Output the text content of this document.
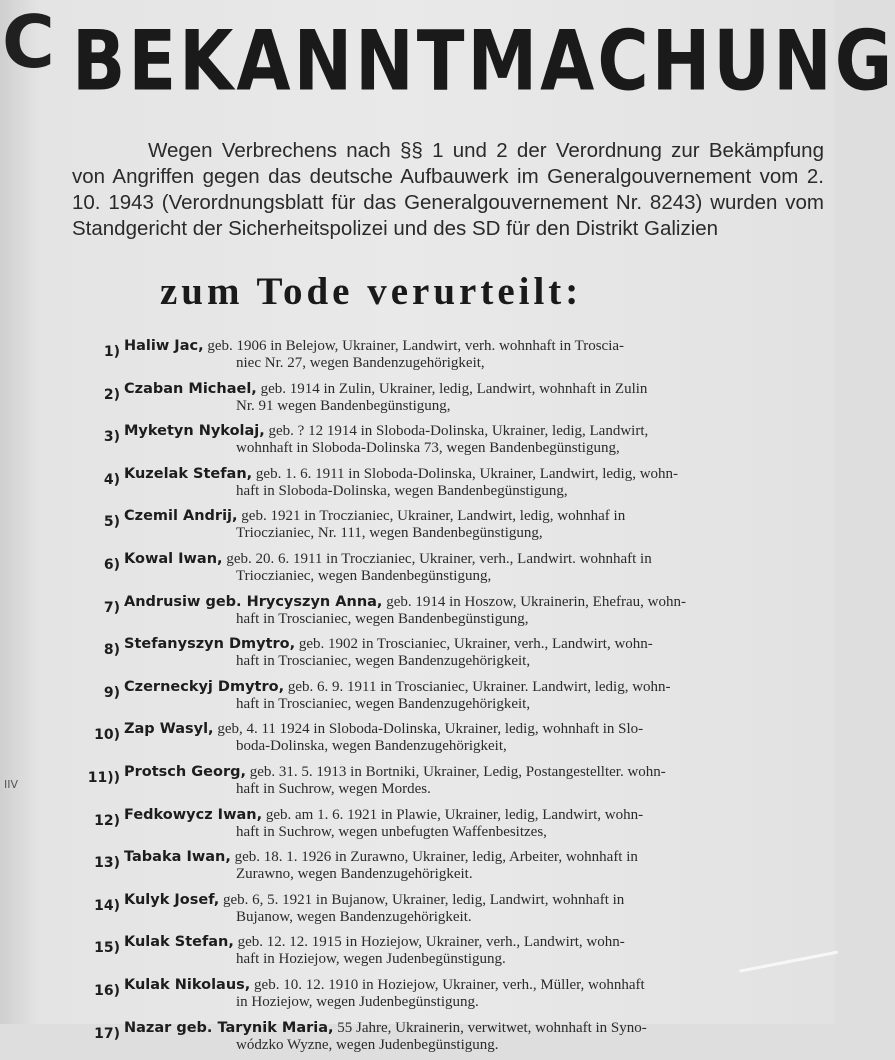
C BEKANNTMACHUNG
Wegen Verbrechens nach §§ 1 und 2 der Verordnung zur Bekämpfung von Angriffen gegen das deutsche Aufbauwerk im Generalgouvernement vom 2. 10. 1943 (Verordnungsblatt für das Generalgouvernement Nr. 8243) wurden vom Standgericht der Sicherheitspolizei und des SD für den Distrikt Galizien
zum Tode verurteilt:
1) Haliw Jac, geb. 1906 in Belejow, Ukrainer, Landwirt, verh. wohnhaft in Troscia-
niec Nr. 27, wegen Bandenzugehörigkeit,
2) Czaban Michael, geb. 1914 in Zulin, Ukrainer, ledig, Landwirt, wohnhaft in Zulin
Nr. 91 wegen Bandenbegünstigung,
3) Myketyn Nykolaj, geb. ? 12 1914 in Sloboda-Dolinska, Ukrainer, ledig, Landwirt,
wohnhaft in Sloboda-Dolinska 73, wegen Bandenbegünstigung,
4) Kuzelak Stefan, geb. 1. 6. 1911 in Sloboda-Dolinska, Ukrainer, Landwirt, ledig, wohn-
haft in Sloboda-Dolinska, wegen Bandenbegünstigung,
5) Czemil Andrij, geb. 1921 in Troczianiec, Ukrainer, Landwirt, ledig, wohnhaf in
Trioczianiec, Nr. 111, wegen Bandenbegünstigung,
6) Kowal Iwan, geb. 20. 6. 1911 in Troczianiec, Ukrainer, verh., Landwirt. wohnhaft in
Trioczianiec, wegen Bandenbegünstigung,
7) Andrusiw geb. Hrycyszyn Anna, geb. 1914 in Hoszow, Ukrainerin, Ehefrau, wohn-
haft in Troscianiec, wegen Bandenbegünstigung,
8) Stefanyszyn Dmytro, geb. 1902 in Troscianiec, Ukrainer, verh., Landwirt, wohn-
haft in Troscianiec, wegen Bandenzugehörigkeit,
9) Czerneckyj Dmytro, geb. 6. 9. 1911 in Troscianiec, Ukrainer. Landwirt, ledig, wohn-
haft in Troscianiec, wegen Bandenzugehörigkeit,
10) Zap Wasyl, geb, 4. 11 1924 in Sloboda-Dolinska, Ukrainer, ledig, wohnhaft in Slo-
boda-Dolinska, wegen Bandenzugehörigkeit,
11)) Protsch Georg, geb. 31. 5. 1913 in Bortniki, Ukrainer, Ledig, Postangestellter. wohn-
haft in Suchrow, wegen Mordes.
12) Fedkowycz Iwan, geb. am 1. 6. 1921 in Plawie, Ukrainer, ledig, Landwirt, wohn-
haft in Suchrow, wegen unbefugten Waffenbesitzes,
13) Tabaka Iwan, geb. 18. 1. 1926 in Zurawno, Ukrainer, ledig, Arbeiter, wohnhaft in
Zurawno, wegen Bandenzugehörigkeit.
14) Kulyk Josef, geb. 6, 5. 1921 in Bujanow, Ukrainer, ledig, Landwirt, wohnhaft in
Bujanow, wegen Bandenzugehörigkeit.
15) Kulak Stefan, geb. 12. 12. 1915 in Hoziejow, Ukrainer, verh., Landwirt, wohn-
haft in Hoziejow, wegen Judenbegünstigung.
16) Kulak Nikolaus, geb. 10. 12. 1910 in Hoziejow, Ukrainer, verh., Müller, wohnhaft
in Hoziejow, wegen Judenbegünstigung.
17) Nazar geb. Tarynik Maria, 55 Jahre, Ukrainerin, verwitwet, wohnhaft in Syno-
wódzko Wyzne, wegen Judenbegünstigung.
IIV
